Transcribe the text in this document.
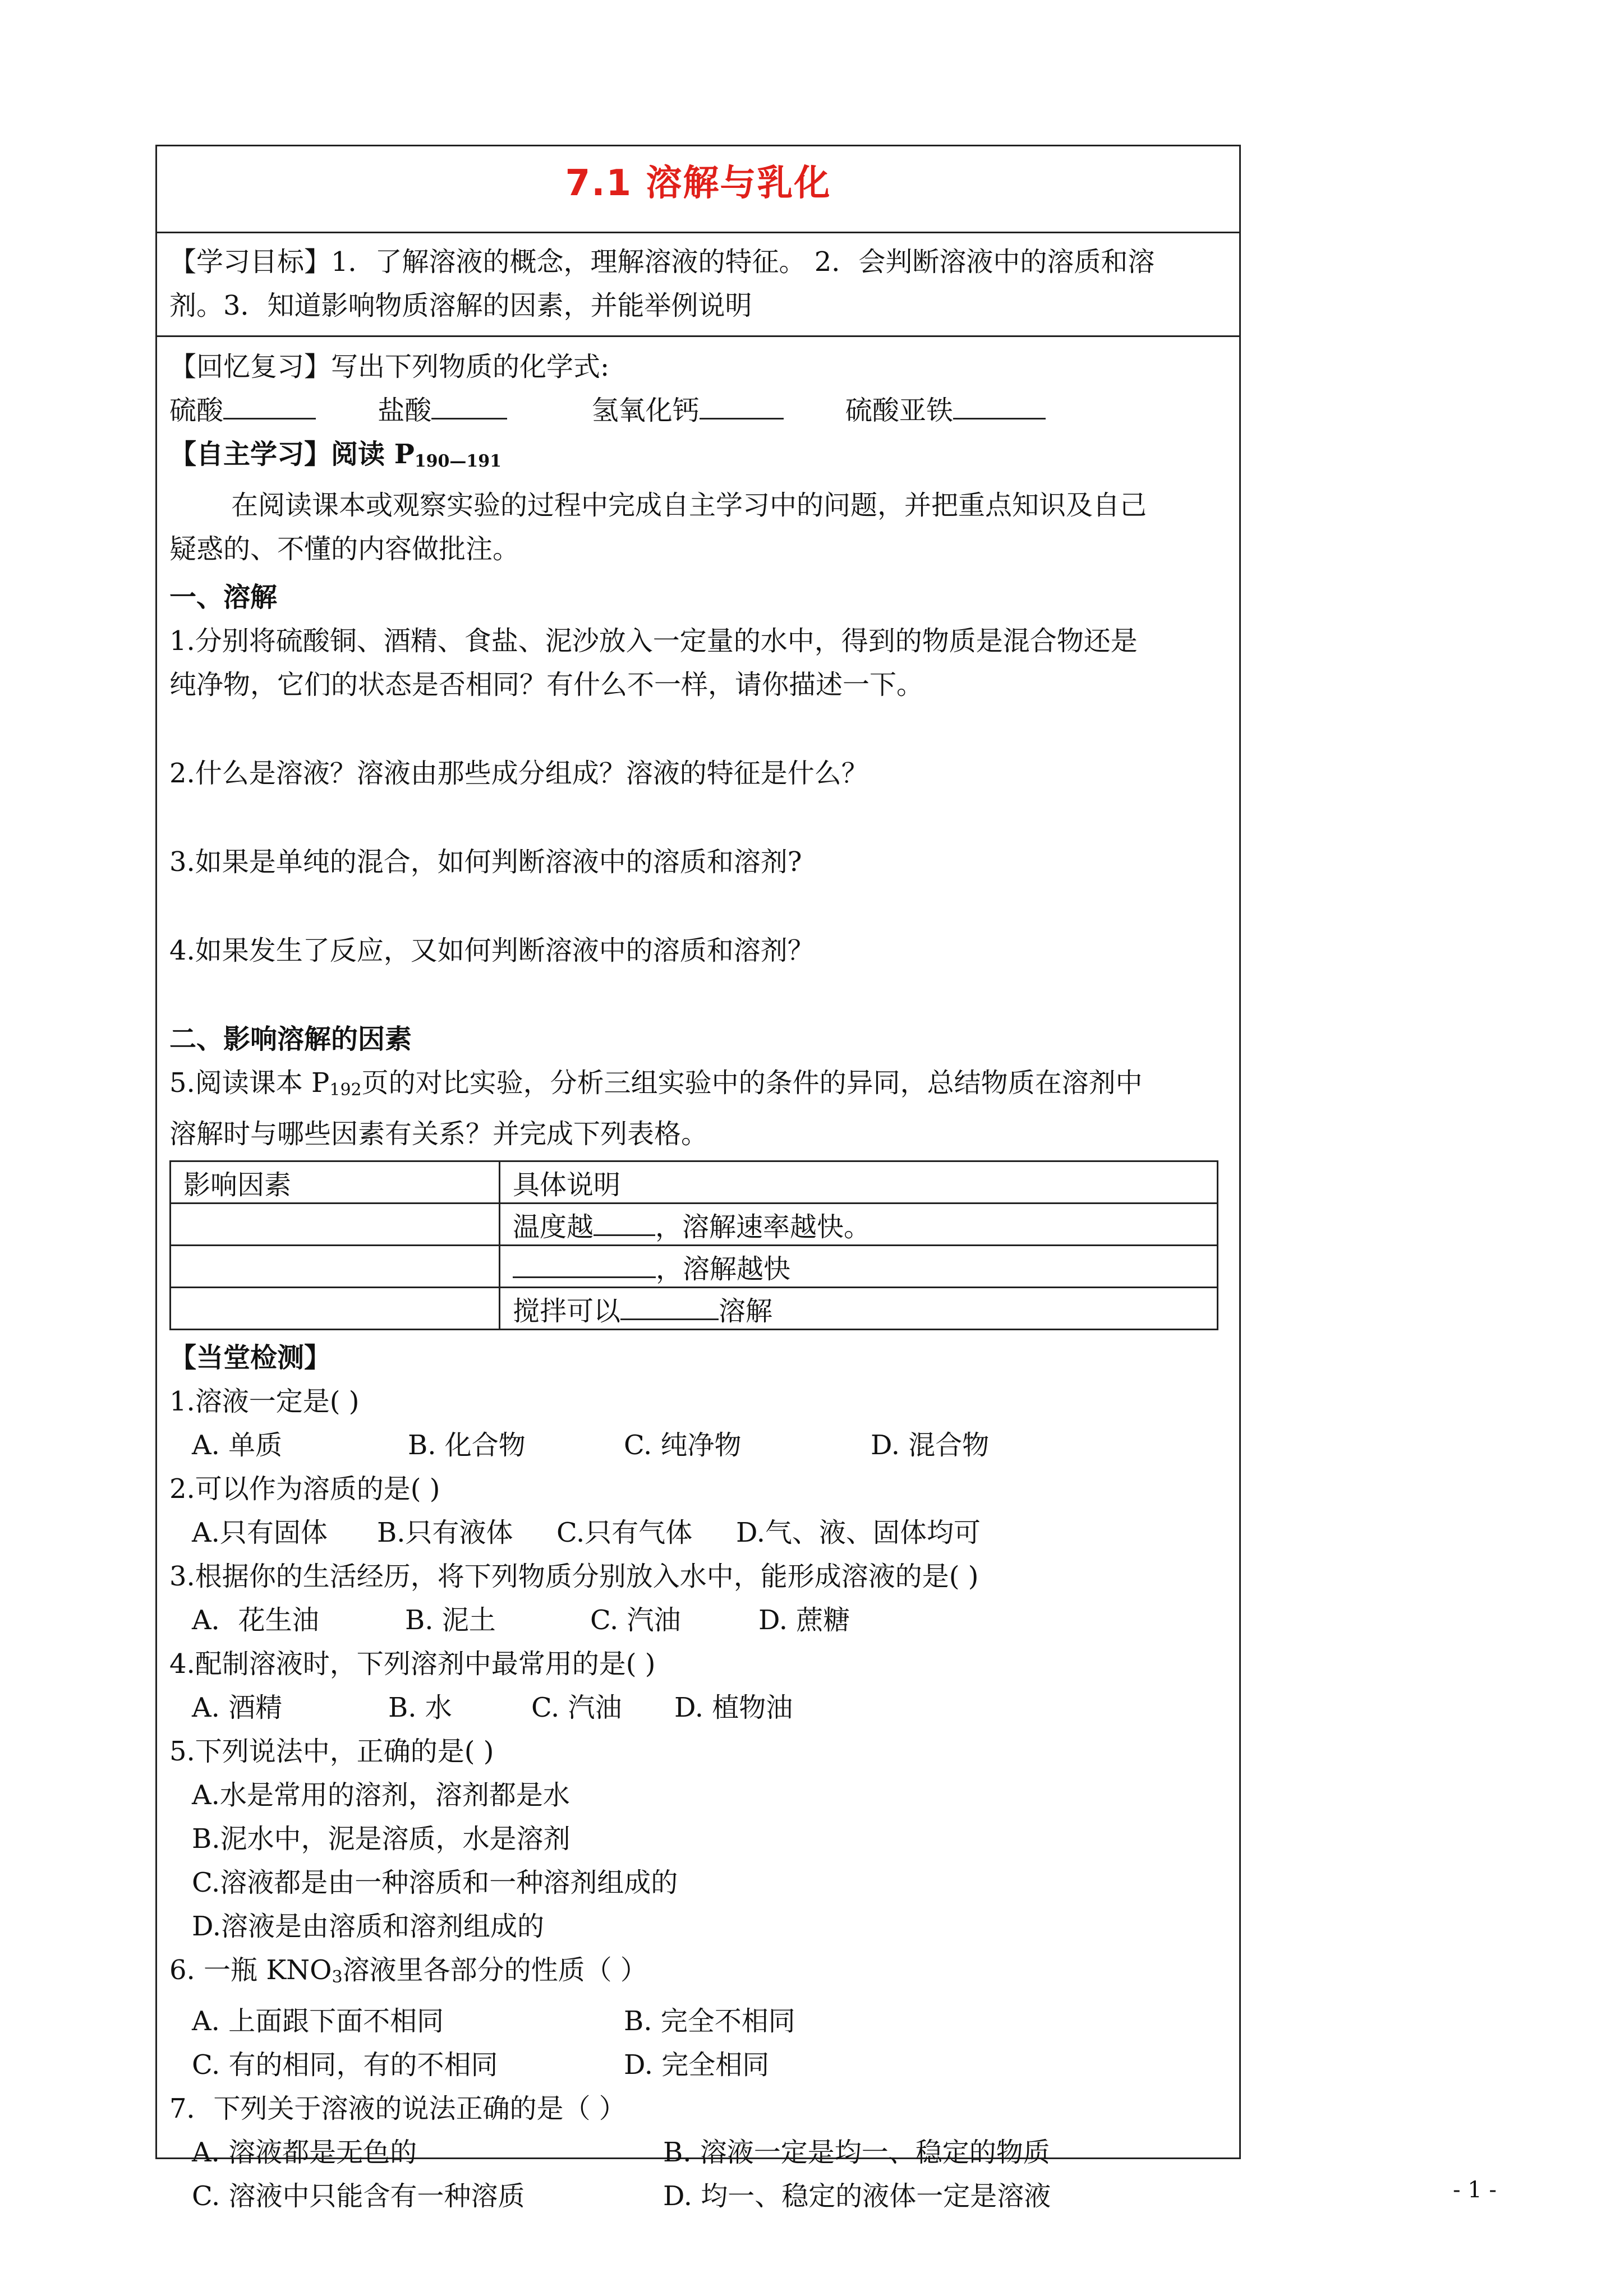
7.1 溶解与乳化
【学习目标】1．了解溶液的概念，理解溶液的特征。 2．会判断溶液中的溶质和溶
剂。3．知道影响物质溶解的因素，并能举例说明
【回忆复习】写出下列物质的化学式:
硫酸	盐酸	氢氧化钙	硫酸亚铁
【自主学习】阅读 $P_{190—191}$
在阅读课本或观察实验的过程中完成自主学习中的问题，并把重点知识及自己
疑惑的、不懂的内容做批注。
一、溶解
1.分别将硫酸铜、酒精、食盐、泥沙放入一定量的水中，得到的物质是混合物还是
纯净物，它们的状态是否相同？有什么不一样，请你描述一下。
2.什么是溶液？溶液由那些成分组成？溶液的特征是什么？
3.如果是单纯的混合，如何判断溶液中的溶质和溶剂?
4.如果发生了反应，又如何判断溶液中的溶质和溶剂？
二、影响溶解的因素
5.阅读课本 $P_{192}$页的对比实验，分析三组实验中的条件的异同，总结物质在溶剂中
溶解时与哪些因素有关系？并完成下列表格。
影响因素	具体说明
	温度越 ，溶解速率越快。
	，溶解越快
	搅拌可以 溶解
【当堂检测】
1.溶液一定是( )
A. 单质	B. 化合物	C. 纯净物	D. 混合物
2.可以作为溶质的是( )
A.只有固体 B.只有液体 C.只有气体 D.气、液、固体均可
3.根据你的生活经历，将下列物质分别放入水中，能形成溶液的是( )
A．花生油	B. 泥土	C. 汽油	D. 蔗糖
4.配制溶液时，下列溶剂中最常用的是( )
A. 酒精	B. 水	C. 汽油 D. 植物油
5.下列说法中，正确的是( )
A.水是常用的溶剂，溶剂都是水
B.泥水中，泥是溶质，水是溶剂
C.溶液都是由一种溶质和一种溶剂组成的
D.溶液是由溶质和溶剂组成的
6. 一瓶 $KNO_3$溶液里各部分的性质（ ）
A. 上面跟下面不相同	B. 完全不相同
C. 有的相同，有的不相同	D. 完全相同
7．下列关于溶液的说法正确的是（ ）
A. 溶液都是无色的	B. 溶液一定是均一、稳定的物质
C. 溶液中只能含有一种溶质	D. 均一、稳定的液体一定是溶液	- 1 -
